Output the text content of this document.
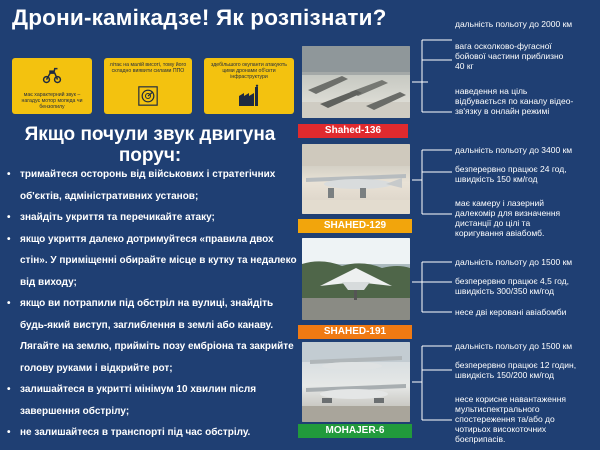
Дрони-камікадзе! Як розпізнати?
має характерний звук – нагадує мотор мопеда чи бензопилу
літає на малій висоті, тому його складно виявити силами ППО
здебільшого окупанти атакують цими дронами об'єкти інфраструктури
Якщо почули звук двигуна поруч:
• тримайтеся осторонь від військових і стратегічних об'єктів, адміністративних установ;
• знайдіть укриття та перечикайте атаку;
• якщо укриття далеко дотримуйтеся «правила двох стін». У приміщенні обирайте місце в кутку та недалеко від виходу;
• якщо ви потрапили під обстріл на вулиці, знайдіть будь-який виступ, заглиблення в землі або канаву. Лягайте на землю, прийміть позу ембріона та закрийте голову руками і відкрийте рот;
• залишайтеся в укритті мінімум 10 хвилин після завершення обстрілу;
• не залишайтеся в транспорті під час обстрілу.
Shahed-136
SHAHED-129
SHAHED-191
MOHAJER-6
дальність польоту до 2000 км
вага осколково-фугасної бойової частини приблизно 40 кг
наведення на ціль відбувається по каналу відео-зв'язку в онлайн режимі
дальність польоту до 3400 км
безперервно працює 24 год, швидкість 150 км/год
має камеру і лазерний далекомір для визначення дистанції до цілі та коригування авіабомб.
дальність польоту до 1500 км
безперервно працює 4,5 год, швидкість 300/350 км/год
несе дві керовані авіабомби
дальність польоту до 1500 км
безперервно працює 12 годин, швидкість 150/200 км/год
несе корисне навантаження мультиспектрального спостереження та/або до чотирьох високоточних боєприпасів.
